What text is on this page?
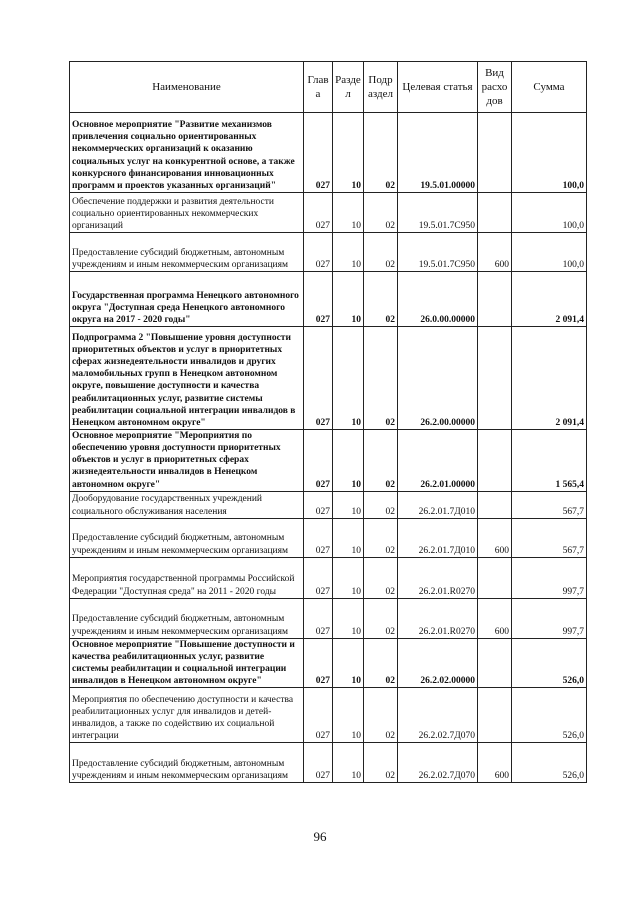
Наименование	Глав а	Разде л	Подр аздел	Целевая статья	Вид расхо дов	Сумма
Основное мероприятие "Развитие механизмов привлечения социально ориентированных некоммерческих организаций к оказанию социальных услуг на конкурентной основе, а также конкурсного финансирования инновационных программ и проектов указанных организаций"	027	10	02	19.5.01.00000		100,0
Обеспечение поддержки и развития деятельности социально ориентированных некоммерческих организаций	027	10	02	19.5.01.7С950		100,0
Предоставление субсидий бюджетным, автономным учреждениям и иным некоммерческим организациям	027	10	02	19.5.01.7С950	600	100,0
Государственная программа Ненецкого автономного округа "Доступная среда Ненецкого автономного округа на 2017 - 2020 годы"	027	10	02	26.0.00.00000		2 091,4
Подпрограмма 2 "Повышение уровня доступности приоритетных объектов и услуг в приоритетных сферах жизнедеятельности инвалидов и других маломобильных групп в Ненецком автономном округе, повышение доступности и качества реабилитационных услуг, развитие системы реабилитации социальной интеграции инвалидов в Ненецком автономном округе"	027	10	02	26.2.00.00000		2 091,4
Основное мероприятие "Мероприятия по обеспечению уровня доступности приоритетных объектов и услуг в приоритетных сферах жизнедеятельности инвалидов в Ненецком автономном округе"	027	10	02	26.2.01.00000		1 565,4
Дооборудование государственных учреждений социального обслуживания населения	027	10	02	26.2.01.7Д010		567,7
Предоставление субсидий бюджетным, автономным учреждениям и иным некоммерческим организациям	027	10	02	26.2.01.7Д010	600	567,7
Мероприятия государственной программы Российской Федерации "Доступная среда" на 2011 - 2020 годы	027	10	02	26.2.01.R0270		997,7
Предоставление субсидий бюджетным, автономным учреждениям и иным некоммерческим организациям	027	10	02	26.2.01.R0270	600	997,7
Основное мероприятие "Повышение доступности и качества реабилитационных услуг, развитие системы реабилитации и социальной интеграции инвалидов в Ненецком автономном округе"	027	10	02	26.2.02.00000		526,0
Мероприятия по обеспечению доступности и качества реабилитационных услуг для инвалидов и детей-инвалидов, а также по содействию их социальной интеграции	027	10	02	26.2.02.7Д070		526,0
Предоставление субсидий бюджетным, автономным учреждениям и иным некоммерческим организациям	027	10	02	26.2.02.7Д070	600	526,0
96
